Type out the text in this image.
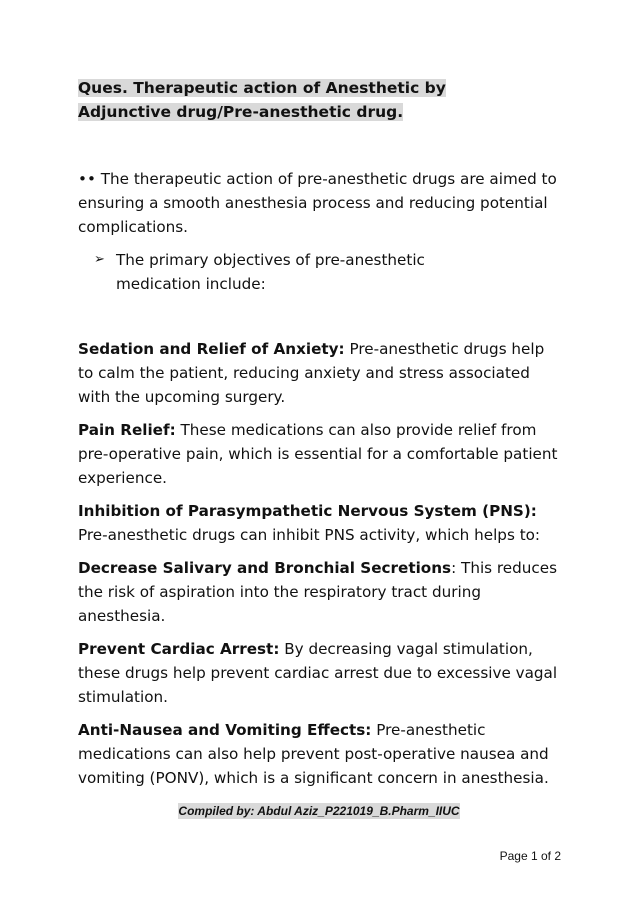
Ques. Therapeutic action of Anesthetic by Adjunctive drug/Pre-anesthetic drug.

•• The therapeutic action of pre-anesthetic drugs are aimed to ensuring a smooth anesthesia process and reducing potential complications.

➢ The primary objectives of pre-anesthetic medication include:

Sedation and Relief of Anxiety: Pre-anesthetic drugs help to calm the patient, reducing anxiety and stress associated with the upcoming surgery.

Pain Relief: These medications can also provide relief from pre-operative pain, which is essential for a comfortable patient experience.

Inhibition of Parasympathetic Nervous System (PNS): Pre-anesthetic drugs can inhibit PNS activity, which helps to:

Decrease Salivary and Bronchial Secretions: This reduces the risk of aspiration into the respiratory tract during anesthesia.

Prevent Cardiac Arrest: By decreasing vagal stimulation, these drugs help prevent cardiac arrest due to excessive vagal stimulation.

Anti-Nausea and Vomiting Effects: Pre-anesthetic medications can also help prevent post-operative nausea and vomiting (PONV), which is a significant concern in anesthesia.

Compiled by: Abdul Aziz_P221019_B.Pharm_IIUC

Page 1 of 2
